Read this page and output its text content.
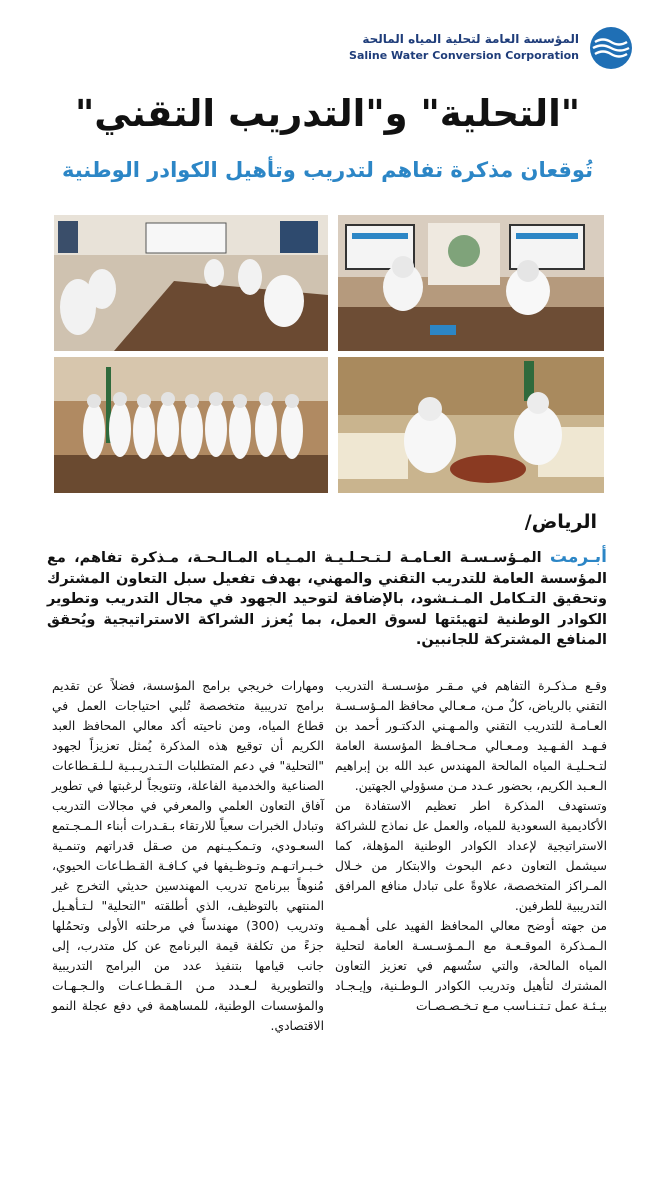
المؤسسة العامة لتحلية المياه المالحة
Saline Water Conversion Corporation
"التحلية" و"التدريب التقني"
تُوقعان مذكرة تفاهم لتدريب وتأهيل الكوادر الوطنية
الرياض/

أبـرمت المـؤسـسـة العـامـة لـتـحـلـيـة المـيـاه المـالـحـة، مـذكرة تفاهم، مع المؤسسة العامة للتدريب التقني والمهني، بهدف تفعيل سبل التعاون المشترك وتحقيق التـكامل المـنـشود، بالإضافة لتوحيد الجهود في مجال التدريب وتطوير الكوادر الوطنية لتهيئتها لسوق العمل، بما يُعزز الشراكة الاستراتيجية ويُحقق المنافع المشتركة للجانبين.

وقـع مـذكـرة التفاهم في مـقـر مؤسـسـة التدريب التقني بالرياض، كلٌ مـن، مـعـالي محافظ المـؤسـسـة العـامـة للتدريب التقني والمـهـني الدكتـور أحمد بن فـهـد الفـهـيد ومـعـالي مـحـافـظ المؤسسة العامة لتـحـليـة المياه المالحة المهندس عبد الله بن إبراهيم الـعـبد الكريم، بحضور عـدد مـن مسؤولي الجهتين.

وتستهدف المذكرة اطر تعظيم الاستفادة من الأكاديمية السعودية للمياه، والعمل عل نماذج للشراكة الاستراتيجية لإعداد الكوادر الوطنية المؤهلة، كما سيشمل التعاون دعم البحوث والابتكار من خـلال المـراكز المتخصصة، علاوةً على تبادل منافع المرافق التدريبية للطرفين.

من جهته أوضح معالي المحافظ الفهيد على أهـمـية الـمـذكرة الموقـعـة مع الـمـؤسـسـة العامة لتحلية المياه المالحة، والتي ستُسهم في تعزيز التعاون المشترك لتأهيل وتدريب الكوادر الـوطـنية، وإيـجـاد بيـئـة عمل تـتـنـاسب مـع تـخـصـصـات

ومهارات خريجي برامج المؤسسة، فضلاً عن تقديم برامج تدريبية متخصصة تُلبي احتياجات العمل في قطاع المياه، ومن ناحيته أكد معالي المحافظ العبد الكريم أن توقيع هذه المذكرة يُمثل تعزيزاً لجهود "التحلية" في دعم المتطلبات الـتـدريـبـية لـلـقـطاعات الصناعية والخدمية الفاعلة، وتتويجاً لرغبتها في تطوير آفاق التعاون العلمي والمعرفي في مجالات التدريب وتبادل الخبرات سعياً للارتقاء بـقـدرات أبناء الـمـجـتمع السعـودي، وتـمكـيـنهم من صـقل قدراتهم وتنمـية خـبـراتـهـم وتـوظـيفها في كـافـة القـطـاعات الحيوي، مُنوهاً ببرنامج تدريب المهندسين حديثي التخرج غير المنتهي بالتوظيف، الذي أطلقته "التحلية" لـتـأهـيل وتدريب (300) مهندساً في مرحلته الأولى وتحمُلها جزءً من تكلفة قيمة البرنامج عن كل متدرب، إلى جانب قيامها بتنفيذ عدد من البرامج التدريبية والتطويرية لـعـدد مـن الـقـطـاعـات والـجـهـات والمؤسسات الوطنية، للمساهمة في دفع عجلة النمو الاقتصادي.
